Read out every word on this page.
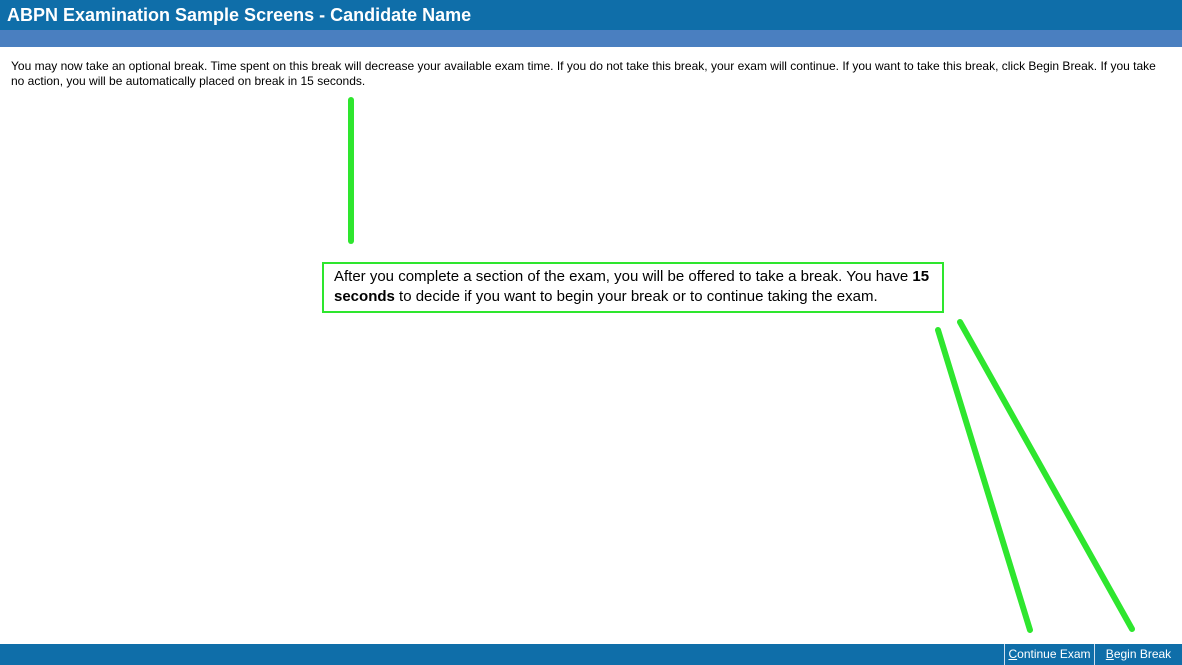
ABPN Examination Sample Screens - Candidate Name
You may now take an optional break. Time spent on this break will decrease your available exam time. If you do not take this break, your exam will continue. If you want to take this break, click Begin Break. If you take no action, you will be automatically placed on break in 15 seconds.
After you complete a section of the exam, you will be offered to take a break. You have 15 seconds to decide if you want to begin your break or to continue taking the exam.
Continue Exam	Begin Break
